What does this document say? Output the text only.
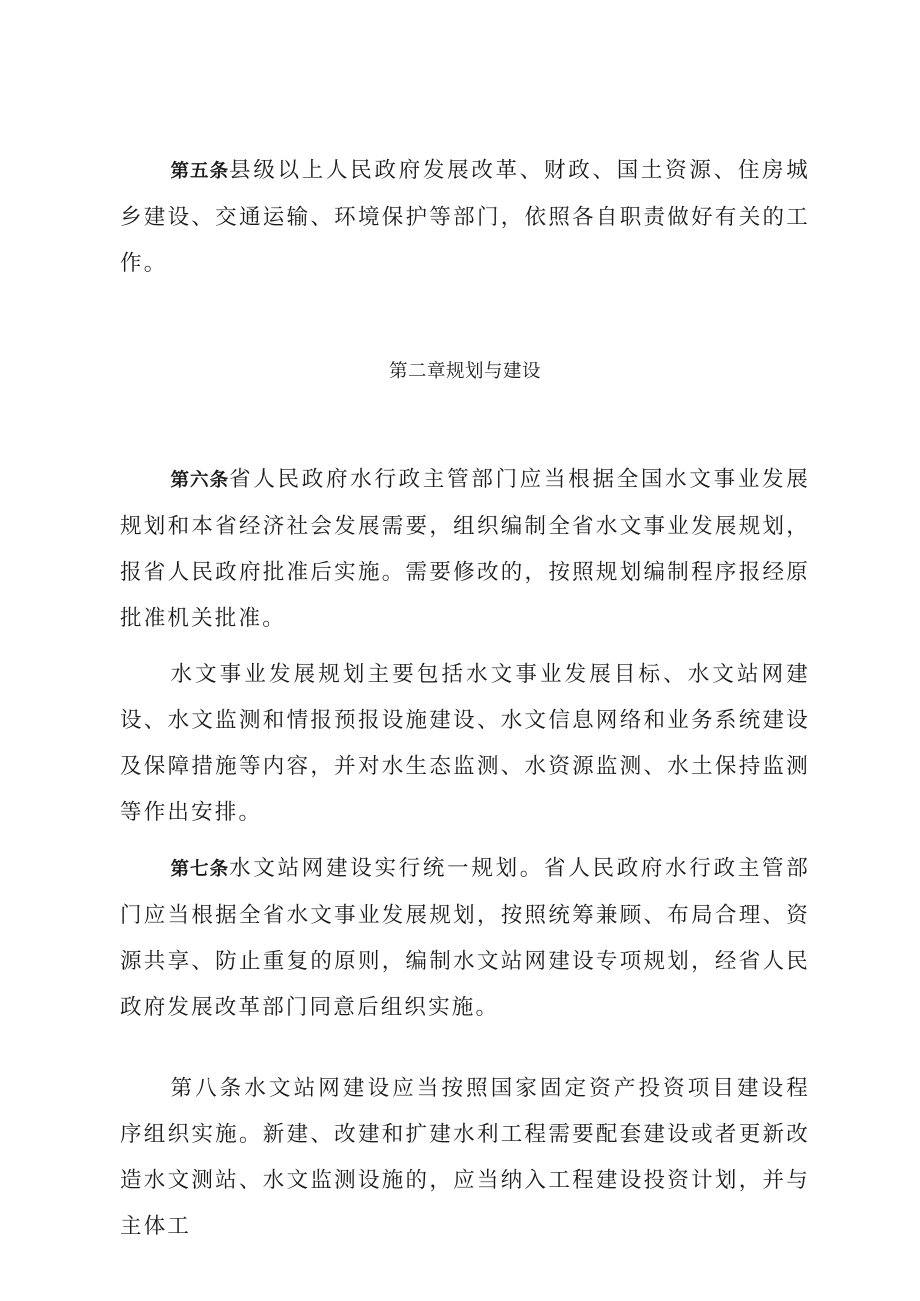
第五条县级以上人民政府发展改革、财政、国土资源、住房城乡建设、交通运输、环境保护等部门，依照各自职责做好有关的工作。

第二章规划与建设

第六条省人民政府水行政主管部门应当根据全国水文事业发展规划和本省经济社会发展需要，组织编制全省水文事业发展规划，报省人民政府批准后实施。需要修改的，按照规划编制程序报经原批准机关批准。

水文事业发展规划主要包括水文事业发展目标、水文站网建设、水文监测和情报预报设施建设、水文信息网络和业务系统建设及保障措施等内容，并对水生态监测、水资源监测、水土保持监测等作出安排。

第七条水文站网建设实行统一规划。省人民政府水行政主管部门应当根据全省水文事业发展规划，按照统筹兼顾、布局合理、资源共享、防止重复的原则，编制水文站网建设专项规划，经省人民政府发展改革部门同意后组织实施。

第八条水文站网建设应当按照国家固定资产投资项目建设程序组织实施。新建、改建和扩建水利工程需要配套建设或者更新改造水文测站、水文监测设施的，应当纳入工程建设投资计划，并与主体工
